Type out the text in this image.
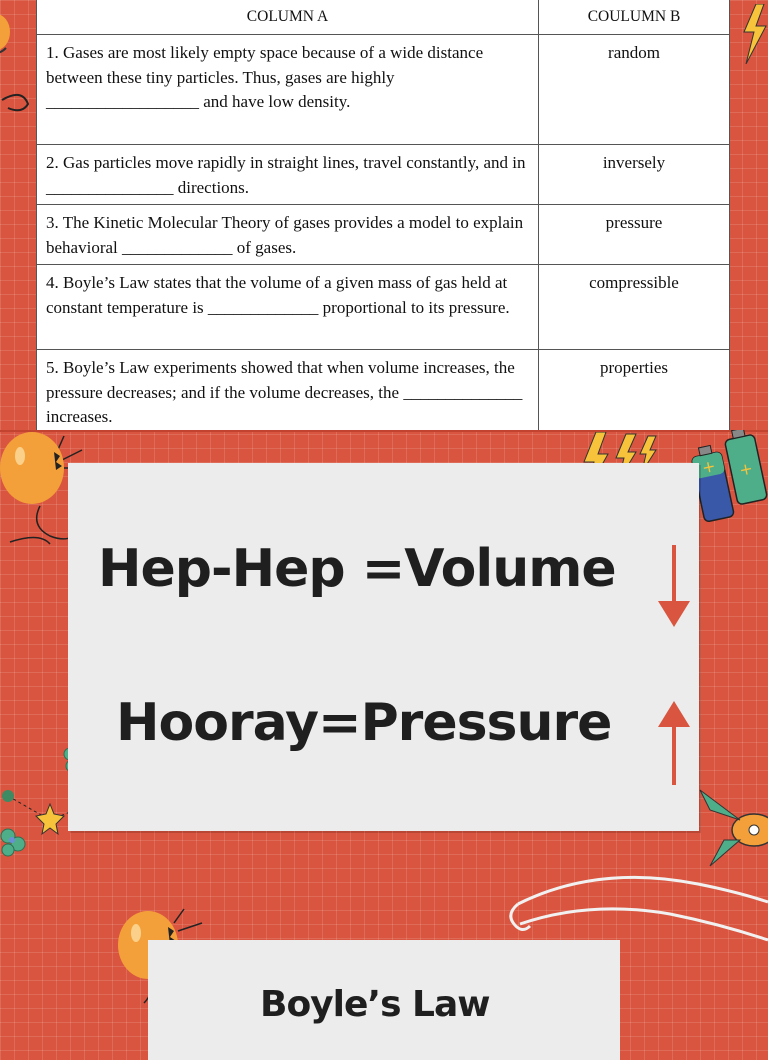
COLUMN A	COULUMN B
1. Gases are most likely empty space because of a wide distance between these tiny particles. Thus, gases are highly __________________ and have low density.	random
2. Gas particles move rapidly in straight lines, travel constantly, and in _______________ directions.	inversely
3. The Kinetic Molecular Theory of gases provides a model to explain behavioral _____________ of gases.	pressure
4. Boyle’s Law states that the volume of a given mass of gas held at constant temperature is _____________ proportional to its pressure.	compressible
5. Boyle’s Law experiments showed that when volume increases, the pressure decreases; and if the volume decreases, the ______________ increases.	properties
+ +
Hep-Hep =Volume
Hooray=Pressure
Boyle’s Law
